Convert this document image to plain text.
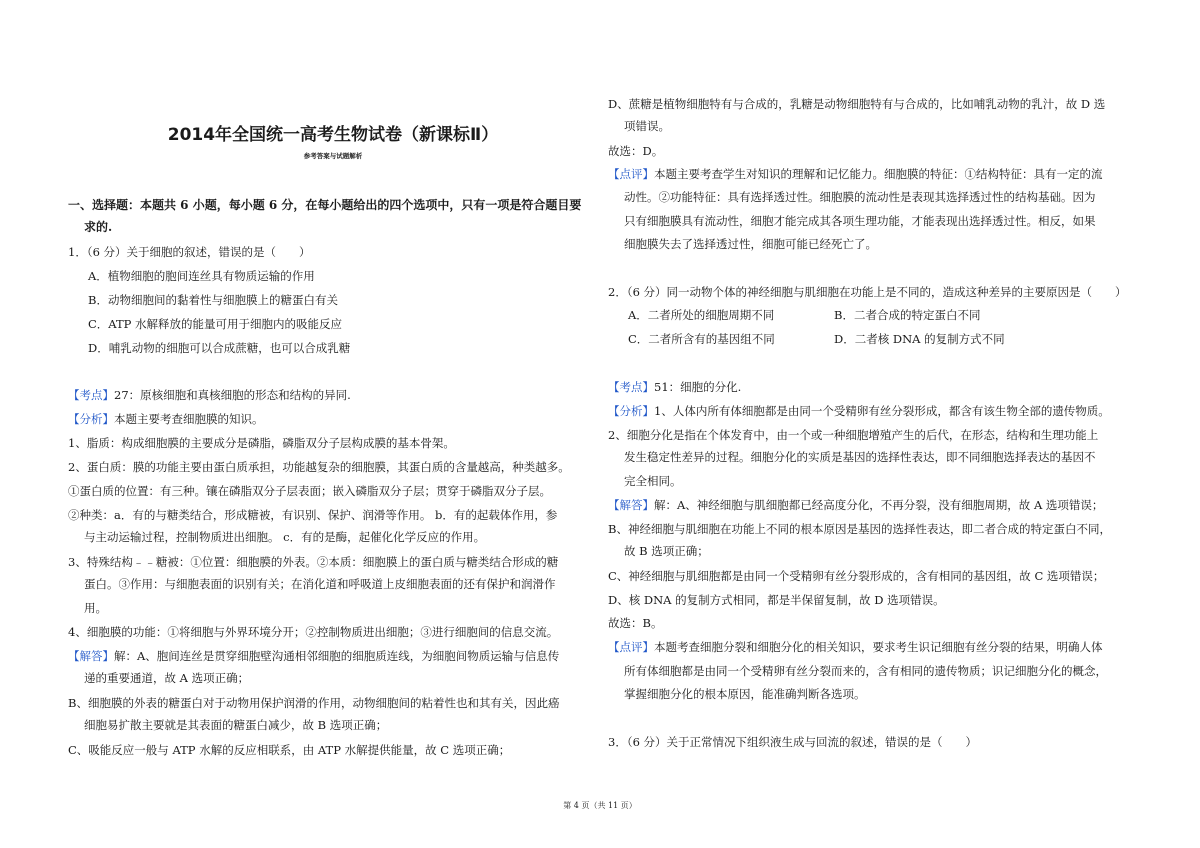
2014年全国统一高考生物试卷（新课标Ⅱ）
参考答案与试题解析
一、选择题：本题共 6 小题，每小题 6 分，在每小题给出的四个选项中，只有一项是符合题目要
求的.
1．（6 分）关于细胞的叙述，错误的是（　　）
A．植物细胞的胞间连丝具有物质运输的作用
B．动物细胞间的黏着性与细胞膜上的糖蛋白有关
C．ATP 水解释放的能量可用于细胞内的吸能反应
D．哺乳动物的细胞可以合成蔗糖，也可以合成乳糖
【考点】27：原核细胞和真核细胞的形态和结构的异同.
【分析】本题主要考查细胞膜的知识。
1、脂质：构成细胞膜的主要成分是磷脂，磷脂双分子层构成膜的基本骨架。
2、蛋白质：膜的功能主要由蛋白质承担，功能越复杂的细胞膜，其蛋白质的含量越高，种类越多。
①蛋白质的位置：有三种。镶在磷脂双分子层表面；嵌入磷脂双分子层；贯穿于磷脂双分子层。
②种类：a．有的与糖类结合，形成糖被，有识别、保护、润滑等作用。 b．有的起载体作用，参
与主动运输过程，控制物质进出细胞。 c．有的是酶，起催化化学反应的作用。
3、特殊结构﹣﹣糖被：①位置：细胞膜的外表。②本质：细胞膜上的蛋白质与糖类结合形成的糖
蛋白。③作用：与细胞表面的识别有关；在消化道和呼吸道上皮细胞表面的还有保护和润滑作
用。
4、细胞膜的功能：①将细胞与外界环境分开；②控制物质进出细胞；③进行细胞间的信息交流。
【解答】解：A、胞间连丝是贯穿细胞壁沟通相邻细胞的细胞质连线，为细胞间物质运输与信息传
递的重要通道，故 A 选项正确；
B、细胞膜的外表的糖蛋白对于动物用保护润滑的作用，动物细胞间的粘着性也和其有关，因此癌
细胞易扩散主要就是其表面的糖蛋白减少，故 B 选项正确；
C、吸能反应一般与 ATP 水解的反应相联系，由 ATP 水解提供能量，故 C 选项正确；
D、蔗糖是植物细胞特有与合成的，乳糖是动物细胞特有与合成的，比如哺乳动物的乳汁，故 D 选
项错误。
故选：D。
【点评】本题主要考查学生对知识的理解和记忆能力。细胞膜的特征：①结构特征：具有一定的流
动性。②功能特征：具有选择透过性。细胞膜的流动性是表现其选择透过性的结构基础。因为
只有细胞膜具有流动性，细胞才能完成其各项生理功能，才能表现出选择透过性。相反，如果
细胞膜失去了选择透过性，细胞可能已经死亡了。
2．（6 分）同一动物个体的神经细胞与肌细胞在功能上是不同的，造成这种差异的主要原因是（　　）
A．二者所处的细胞周期不同	B．二者合成的特定蛋白不同
C．二者所含有的基因组不同	D．二者核 DNA 的复制方式不同
【考点】51：细胞的分化.
【分析】1、人体内所有体细胞都是由同一个受精卵有丝分裂形成，都含有该生物全部的遗传物质。
2、细胞分化是指在个体发育中，由一个或一种细胞增殖产生的后代，在形态，结构和生理功能上
发生稳定性差异的过程。细胞分化的实质是基因的选择性表达，即不同细胞选择表达的基因不
完全相同。
【解答】解：A、神经细胞与肌细胞都已经高度分化，不再分裂，没有细胞周期，故 A 选项错误；
B、神经细胞与肌细胞在功能上不同的根本原因是基因的选择性表达，即二者合成的特定蛋白不同，
故 B 选项正确；
C、神经细胞与肌细胞都是由同一个受精卵有丝分裂形成的，含有相同的基因组，故 C 选项错误；
D、核 DNA 的复制方式相同，都是半保留复制，故 D 选项错误。
故选：B。
【点评】本题考查细胞分裂和细胞分化的相关知识，要求考生识记细胞有丝分裂的结果，明确人体
所有体细胞都是由同一个受精卵有丝分裂而来的，含有相同的遗传物质；识记细胞分化的概念，
掌握细胞分化的根本原因，能准确判断各选项。
3．（6 分）关于正常情况下组织液生成与回流的叙述，错误的是（　　）
第 4 页（共 11 页）
